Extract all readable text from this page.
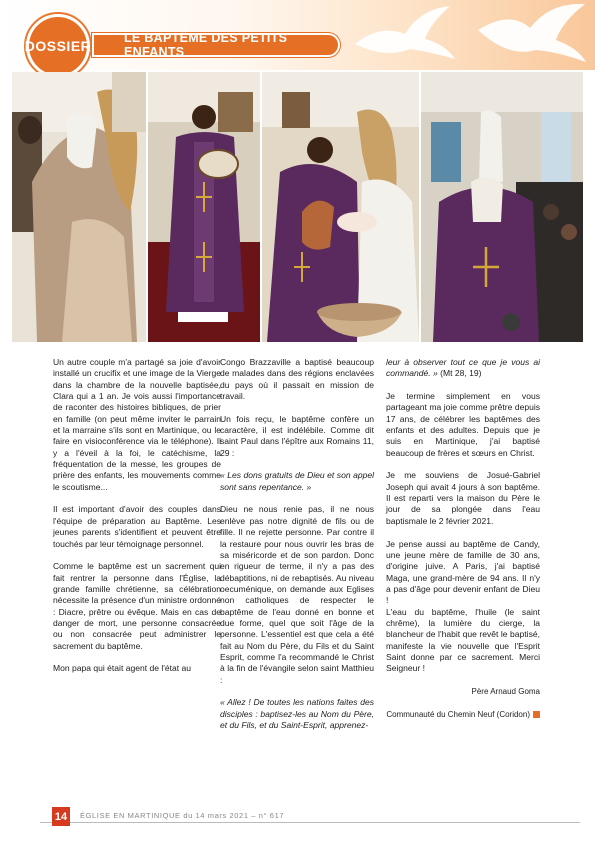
DOSSIER	LE BAPTÊME DES PETITS ENFANTS

Un autre couple m'a partagé sa joie d'avoir installé un crucifix et une image de la Vierge dans la chambre de la nouvelle baptisée, Clara qui a 1 an. Je vois aussi l'importance de raconter des histoires bibliques, de prier en famille (on peut même inviter le parrain et la marraine s'ils sont en Martinique, ou le faire en visioconférence via le téléphone). Il y a l'éveil à la foi, le catéchisme, la fréquentation de la messe, les groupes de prière des enfants, les mouvements comme le scoutisme...

Il est important d'avoir des couples dans l'équipe de préparation au Baptême. Les jeunes parents s'identifient et peuvent être touchés par leur témoignage personnel.

Comme le baptême est un sacrement qui fait rentrer la personne dans l'Église, la grande famille chrétienne, sa célébration nécessite la présence d'un ministre ordonné : Diacre, prêtre ou évêque. Mais en cas de danger de mort, une personne consacrée ou non consacrée peut administrer le sacrement du baptême.

Mon papa qui était agent de l'état au

Congo Brazzaville a baptisé beaucoup de malades dans des régions enclavées du pays où il passait en mission de travail.

Un fois reçu, le baptême confère un caractère, il est indélébile. Comme dit saint Paul dans l'épître aux Romains 11, 29 :

« Les dons gratuits de Dieu et son appel sont sans repentance. »

Dieu ne nous renie pas, il ne nous enlève pas notre dignité de fils ou de fille. Il ne rejette personne. Par contre il la restaure pour nous ouvrir les bras de sa miséricorde et de son pardon. Donc en rigueur de terme, il n'y a pas des débaptitions, ni de rebaptisés. Au niveau oecuménique, on demande aux Eglises non catholiques de respecter le baptême de l'eau donné en bonne et due forme, quel que soit l'âge de la personne. L'essentiel est que cela a été fait au Nom du Père, du Fils et du Saint Esprit, comme l'a recommandé le Christ à la fin de l'évangile selon saint Matthieu :

« Allez ! De toutes les nations faites des disciples : baptisez-les au Nom du Père, et du Fils, et du Saint-Esprit, apprenez-

leur à observer tout ce que je vous ai commandé. » (Mt 28, 19)

Je termine simplement en vous partageant ma joie comme prêtre depuis 17 ans, de célébrer les baptêmes des enfants et des adultes. Depuis que je suis en Martinique, j'ai baptisé beaucoup de frères et sœurs en Christ.

Je me souviens de Josué-Gabriel Joseph qui avait 4 jours à son baptême. Il est reparti vers la maison du Père le jour de sa plongée dans l'eau baptismale le 2 février 2021.

Je pense aussi au baptême de Candy, une jeune mère de famille de 30 ans, d'origine juive. A Paris, j'ai baptisé Maga, une grand-mère de 94 ans. Il n'y a pas d'âge pour devenir enfant de Dieu !

L'eau du baptême, l'huile (le saint chrême), la lumière du cierge, la blancheur de l'habit que revêt le baptisé, manifeste la vie nouvelle que l'Esprit Saint donne par ce sacrement. Merci Seigneur !

Père Arnaud Goma

Communauté du Chemin Neuf (Coridon)

14	ÉGLISE EN MARTINIQUE du 14 mars 2021 – n° 617
